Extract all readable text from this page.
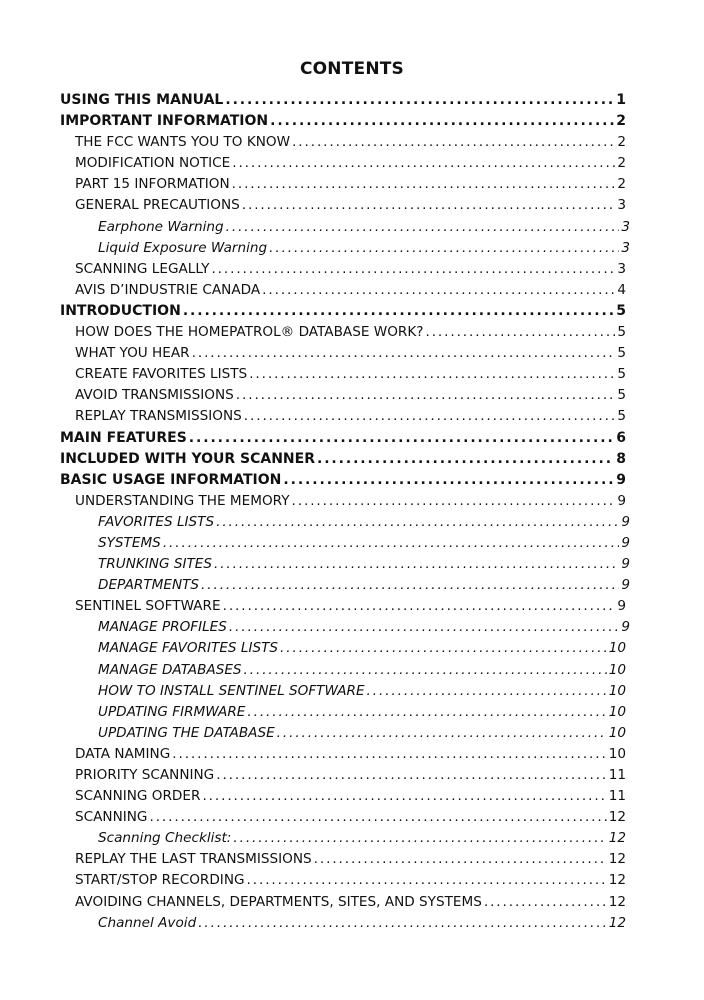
CONTENTS
USING THIS MANUAL .....	1
IMPORTANT INFORMATION .....	2
THE FCC WANTS YOU TO KNOW .....	2
MODIFICATION NOTICE .....	2
PART 15 INFORMATION .....	2
GENERAL PRECAUTIONS .....	3
Earphone Warning .....	3
Liquid Exposure Warning .....	3
SCANNING LEGALLY .....	3
AVIS D’INDUSTRIE CANADA .....	4
INTRODUCTION .....	5
HOW DOES THE HOMEPATROL® DATABASE WORK? .....	5
WHAT YOU HEAR .....	5
CREATE FAVORITES LISTS .....	5
AVOID TRANSMISSIONS .....	5
REPLAY TRANSMISSIONS .....	5
MAIN FEATURES .....	6
INCLUDED WITH YOUR SCANNER .....	8
BASIC USAGE INFORMATION .....	9
UNDERSTANDING THE MEMORY .....	9
FAVORITES LISTS .....	9
SYSTEMS .....	9
TRUNKING SITES .....	9
DEPARTMENTS .....	9
SENTINEL SOFTWARE .....	9
MANAGE PROFILES .....	9
MANAGE FAVORITES LISTS .....	10
MANAGE DATABASES .....	10
HOW TO INSTALL SENTINEL SOFTWARE .....	10
UPDATING FIRMWARE .....	10
UPDATING THE DATABASE .....	10
DATA NAMING .....	10
PRIORITY SCANNING .....	11
SCANNING ORDER .....	11
SCANNING .....	12
Scanning Checklist: .....	12
REPLAY THE LAST TRANSMISSIONS .....	12
START/STOP RECORDING .....	12
AVOIDING CHANNELS, DEPARTMENTS, SITES, AND SYSTEMS .....	12
Channel Avoid .....	12
